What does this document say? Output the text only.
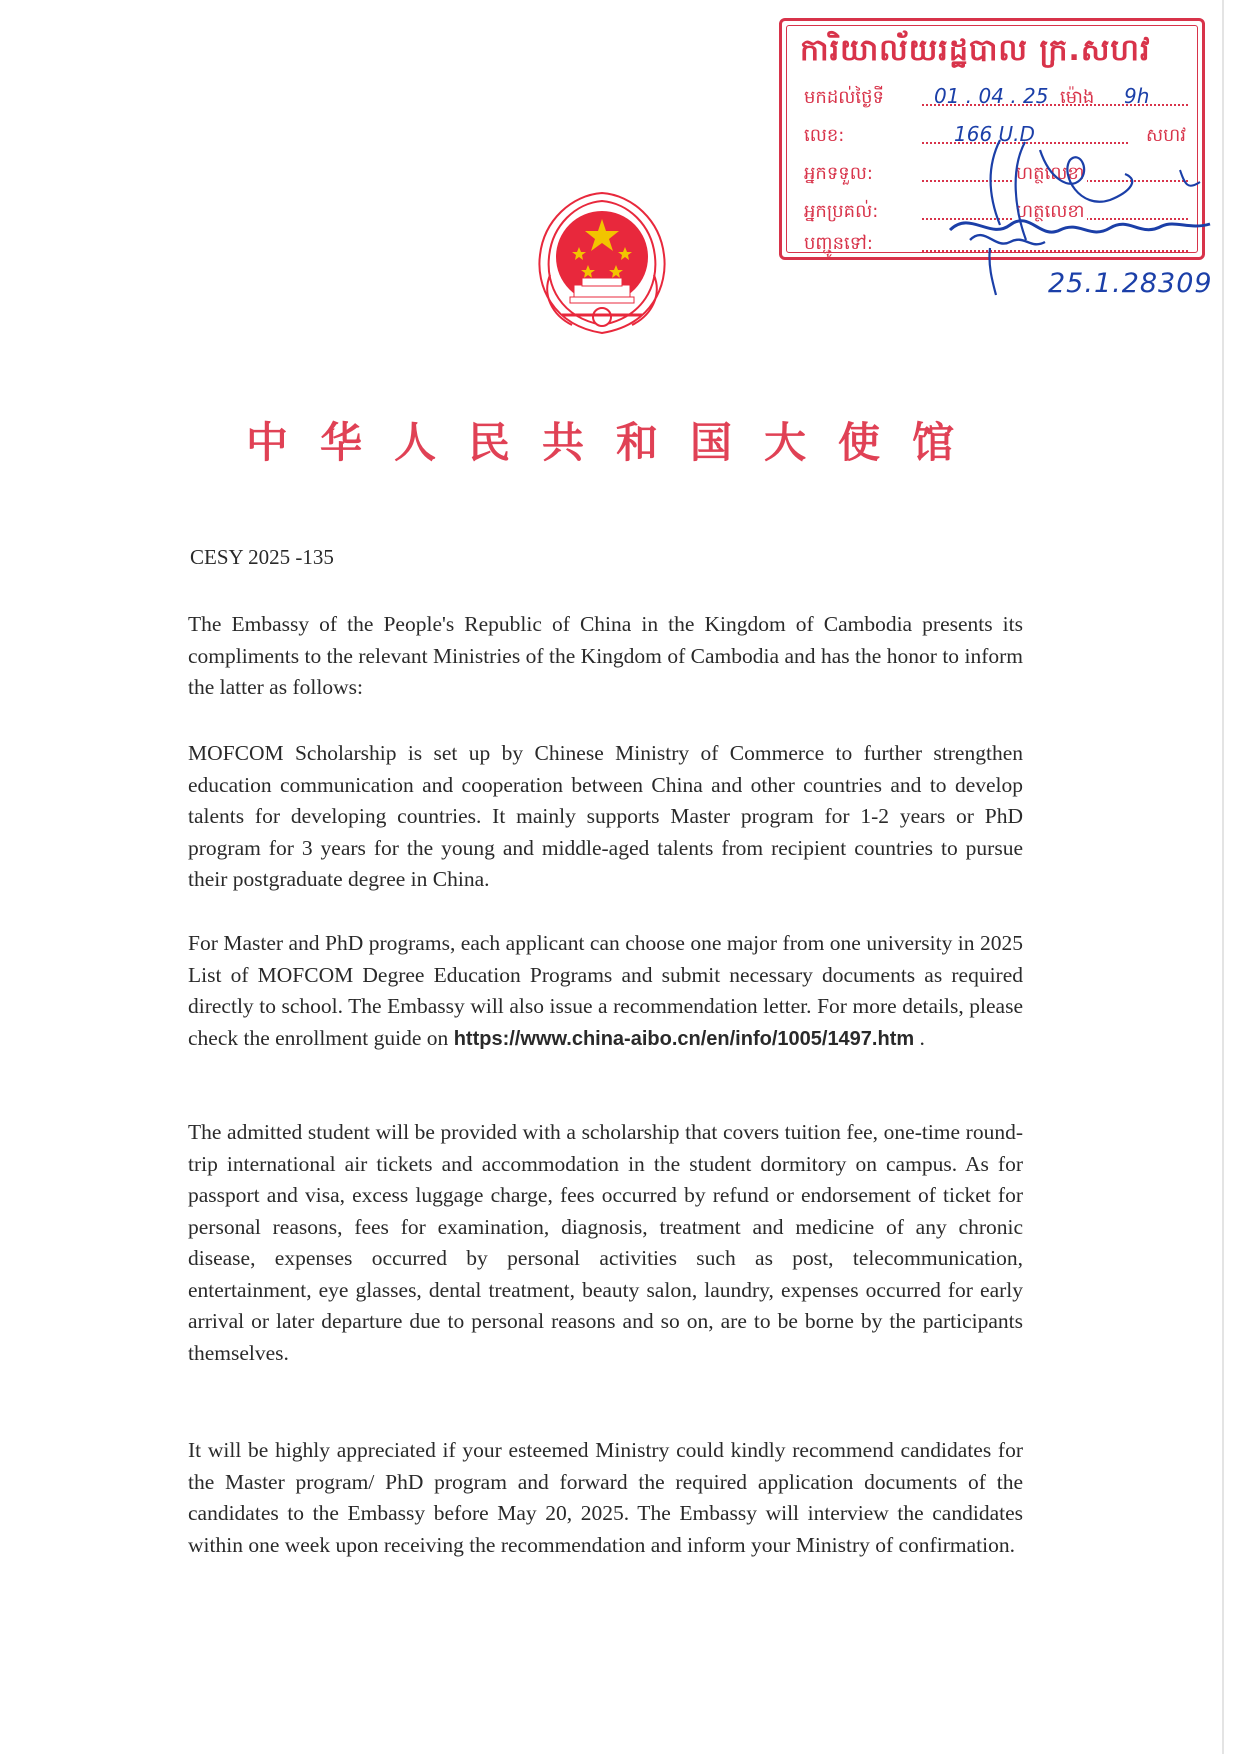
ការិយាល័យរដ្ឋបាល ក្រ.សហវ
មកដល់ថ្ងៃទី	01 . 04 . 25 ម៉ោង 9h
លេខ:	166 U.D	សហវ
អ្នកទទួល:	ហត្ថលេខា
អ្នកប្រគល់:	ហត្ថលេខា
បញ្ជូនទៅ:
25.1.28309
中 华 人 民 共 和 国 大 使 馆
CESY 2025 -135
The Embassy of the People's Republic of China in the Kingdom of Cambodia presents its compliments to the relevant Ministries of the Kingdom of Cambodia and has the honor to inform the latter as follows:
MOFCOM Scholarship is set up by Chinese Ministry of Commerce to further strengthen education communication and cooperation between China and other countries and to develop talents for developing countries. It mainly supports Master program for 1-2 years or PhD program for 3 years for the young and middle-aged talents from recipient countries to pursue their postgraduate degree in China.
For Master and PhD programs, each applicant can choose one major from one university in 2025 List of MOFCOM Degree Education Programs and submit necessary documents as required directly to school. The Embassy will also issue a recommendation letter. For more details, please check the enrollment guide on https://www.china-aibo.cn/en/info/1005/1497.htm .
The admitted student will be provided with a scholarship that covers tuition fee, one-time round-trip international air tickets and accommodation in the student dormitory on campus. As for passport and visa, excess luggage charge, fees occurred by refund or endorsement of ticket for personal reasons, fees for examination, diagnosis, treatment and medicine of any chronic disease, expenses occurred by personal activities such as post, telecommunication, entertainment, eye glasses, dental treatment, beauty salon, laundry, expenses occurred for early arrival or later departure due to personal reasons and so on, are to be borne by the participants themselves.
It will be highly appreciated if your esteemed Ministry could kindly recommend candidates for the Master program/ PhD program and forward the required application documents of the candidates to the Embassy before May 20, 2025. The Embassy will interview the candidates within one week upon receiving the recommendation and inform your Ministry of confirmation.
